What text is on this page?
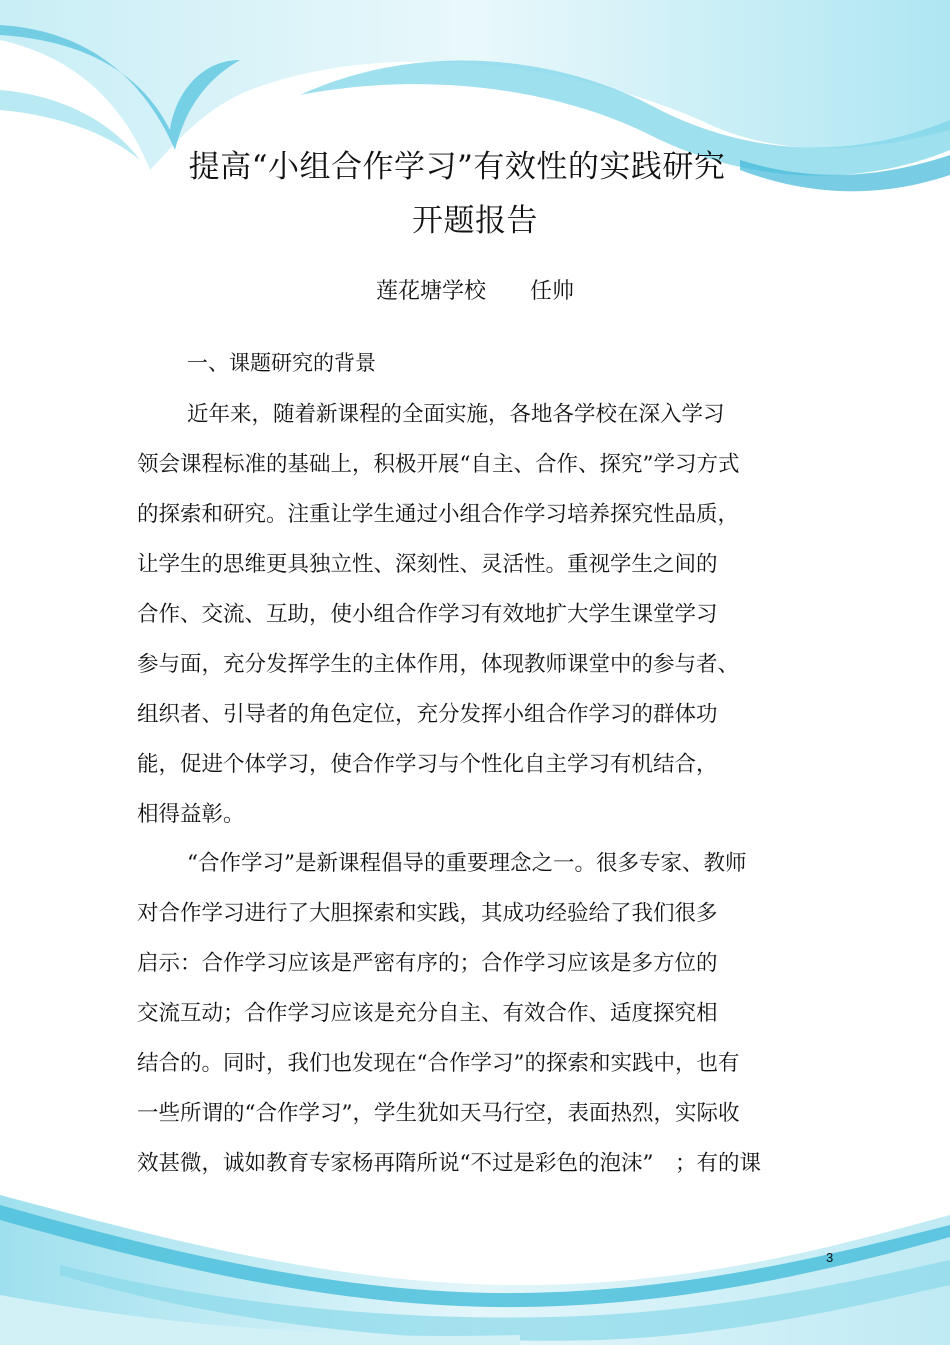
提高“小组合作学习”有效性的实践研究
开题报告
莲花塘学校 任帅
一、课题研究的背景
近年来，随着新课程的全面实施，各地各学校在深入学习
领会课程标准的基础上，积极开展“自主、合作、探究”学习方式
的探索和研究。注重让学生通过小组合作学习培养探究性品质，
让学生的思维更具独立性、深刻性、灵活性。重视学生之间的
合作、交流、互助，使小组合作学习有效地扩大学生课堂学习
参与面，充分发挥学生的主体作用，体现教师课堂中的参与者、
组织者、引导者的角色定位，充分发挥小组合作学习的群体功
能，促进个体学习，使合作学习与个性化自主学习有机结合，
相得益彰。
“合作学习”是新课程倡导的重要理念之一。很多专家、教师
对合作学习进行了大胆探索和实践，其成功经验给了我们很多
启示：合作学习应该是严密有序的；合作学习应该是多方位的
交流互动；合作学习应该是充分自主、有效合作、适度探究相
结合的。同时，我们也发现在“合作学习”的探索和实践中，也有
一些所谓的“合作学习”，学生犹如天马行空，表面热烈，实际收
效甚微，诚如教育专家杨再隋所说“不过是彩色的泡沫”　；有的课
3
